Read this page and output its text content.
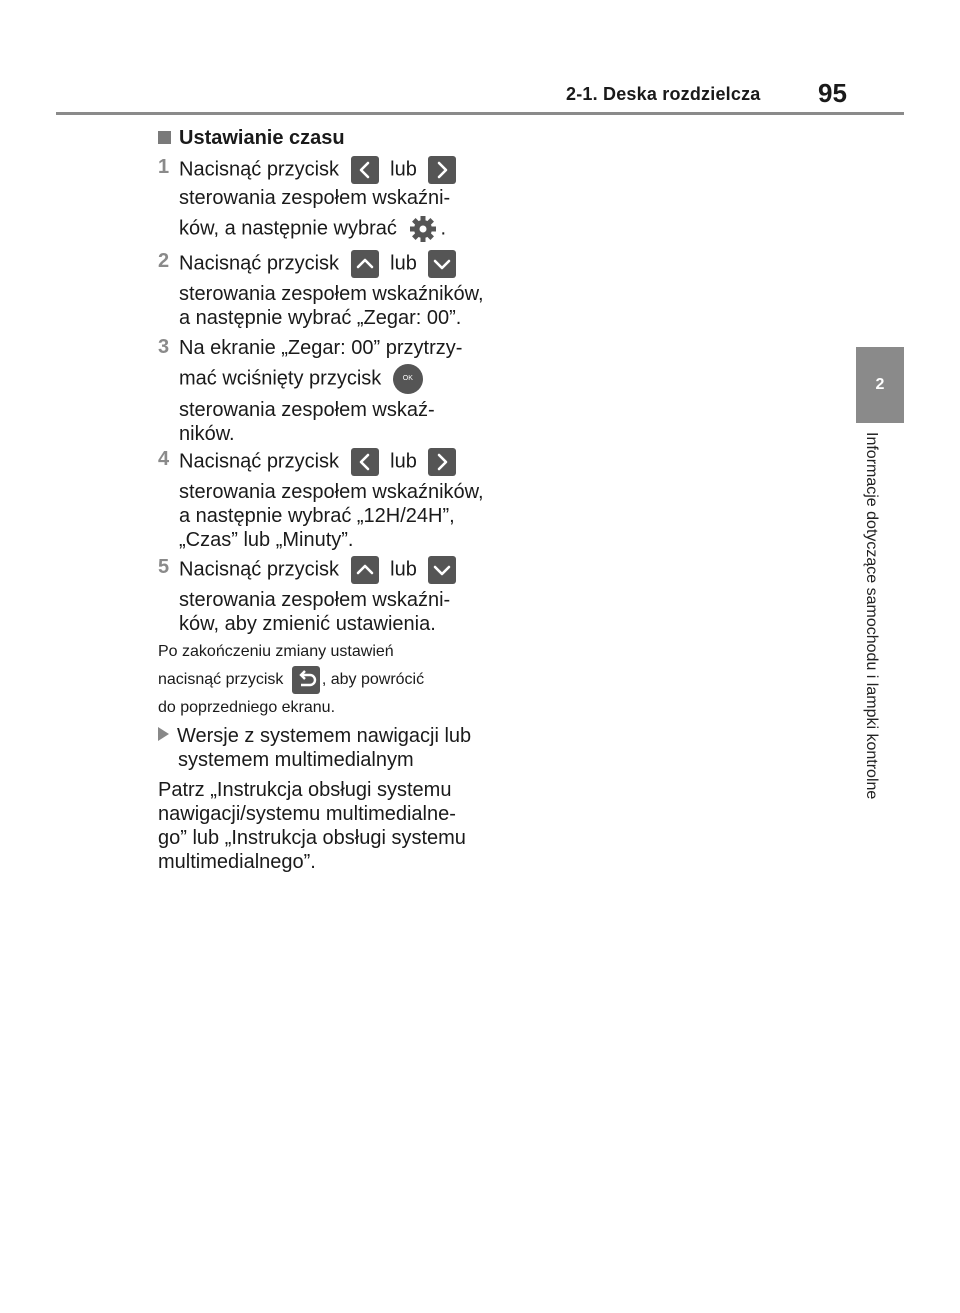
2-1. Deska rozdzielcza 95
2
Informacje dotyczące samochodu i lampki kontrolne
Ustawianie czasu
1 Nacisnąć przycisk	lub
sterowania zespołem wskaźni-
ków, a następnie wybrać .
2 Nacisnąć przycisk	lub
sterowania zespołem wskaźników,
a następnie wybrać „Zegar: 00”.
3 Na ekranie „Zegar: 00” przytrzy-
mać wciśnięty przycisk	OK
sterowania zespołem wskaź-
ników.
4 Nacisnąć przycisk	lub
sterowania zespołem wskaźników,
a następnie wybrać „12H/24H”,
„Czas” lub „Minuty”.
5 Nacisnąć przycisk	lub
sterowania zespołem wskaźni-
ków, aby zmienić ustawienia.
Po zakończeniu zmiany ustawień
nacisnąć przycisk , aby powrócić
do poprzedniego ekranu.
Wersje z systemem nawigacji lub
systemem multimedialnym
Patrz „Instrukcja obsługi systemu
nawigacji/systemu multimedialne-
go” lub „Instrukcja obsługi systemu
multimedialnego”.
